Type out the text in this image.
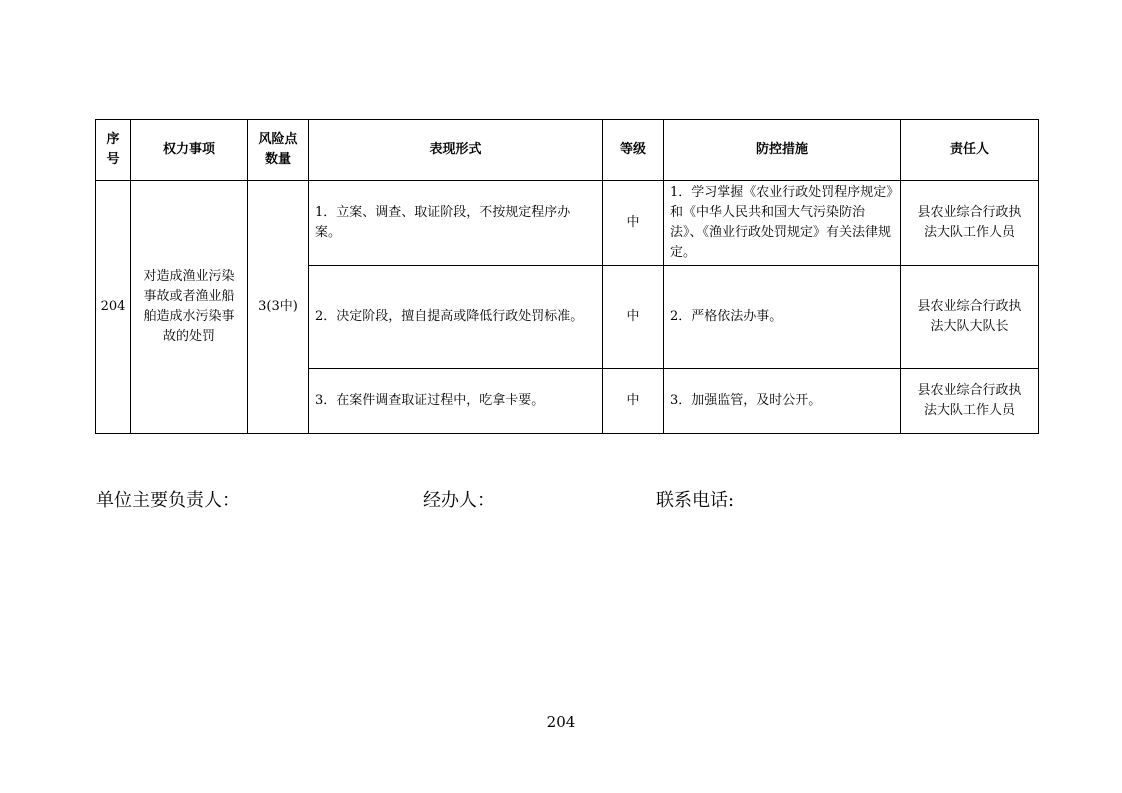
序号	权力事项	风险点数量	表现形式	等级	防控措施	责任人
204	对造成渔业污染事故或者渔业船舶造成水污染事故的处罚	3(3中)	1．立案、调查、取证阶段，不按规定程序办案。	中	1．学习掌握《农业行政处罚程序规定》和《中华人民共和国大气污染防治法》、《渔业行政处罚规定》有关法律规定。	县农业综合行政执法大队工作人员
			2．决定阶段，擅自提高或降低行政处罚标准。	中	2．严格依法办事。	县农业综合行政执法大队大队长
			3．在案件调查取证过程中，吃拿卡要。	中	3．加强监管，及时公开。	县农业综合行政执法大队工作人员
单位主要负责人：	经办人：	联系电话:
204
